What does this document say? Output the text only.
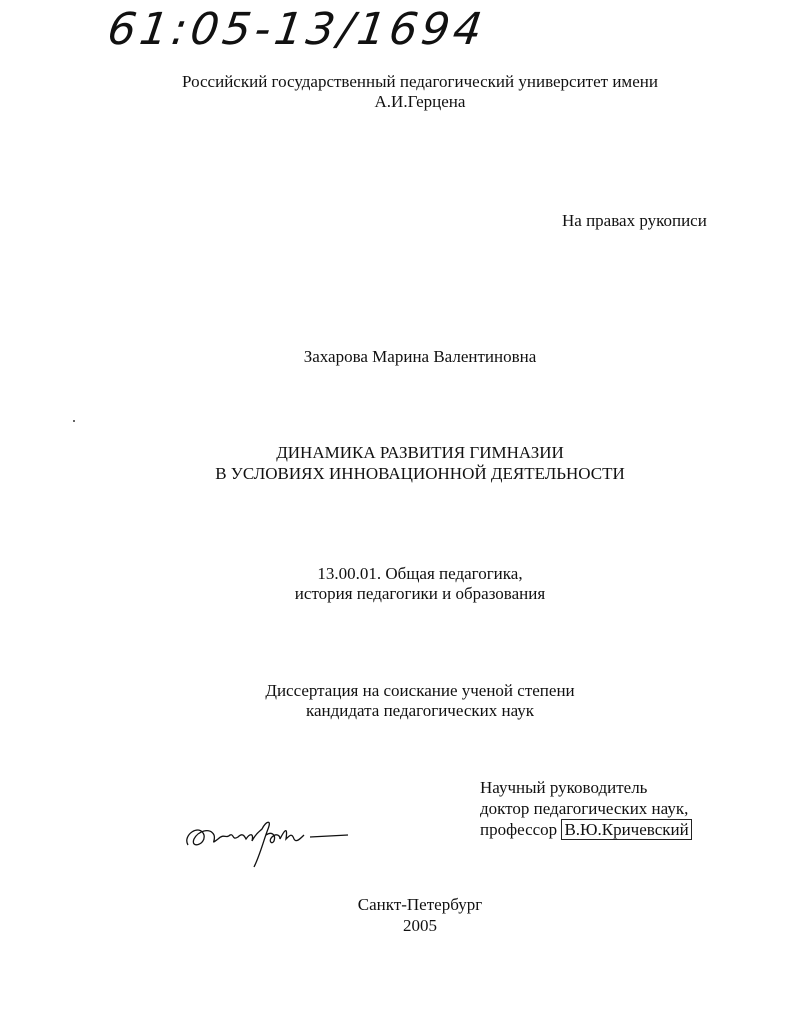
61:05-13/1694
Российский государственный педагогический университет имени
А.И.Герцена
На правах рукописи
Захарова Марина Валентиновна
ДИНАМИКА РАЗВИТИЯ ГИМНАЗИИ
В УСЛОВИЯХ ИННОВАЦИОННОЙ ДЕЯТЕЛЬНОСТИ
13.00.01. Общая педагогика,
история педагогики и образования
Диссертация на соискание ученой степени
кандидата педагогических наук
Научный руководитель
доктор педагогических наук,
профессор В.Ю.Кричевский
Санкт-Петербург
2005
